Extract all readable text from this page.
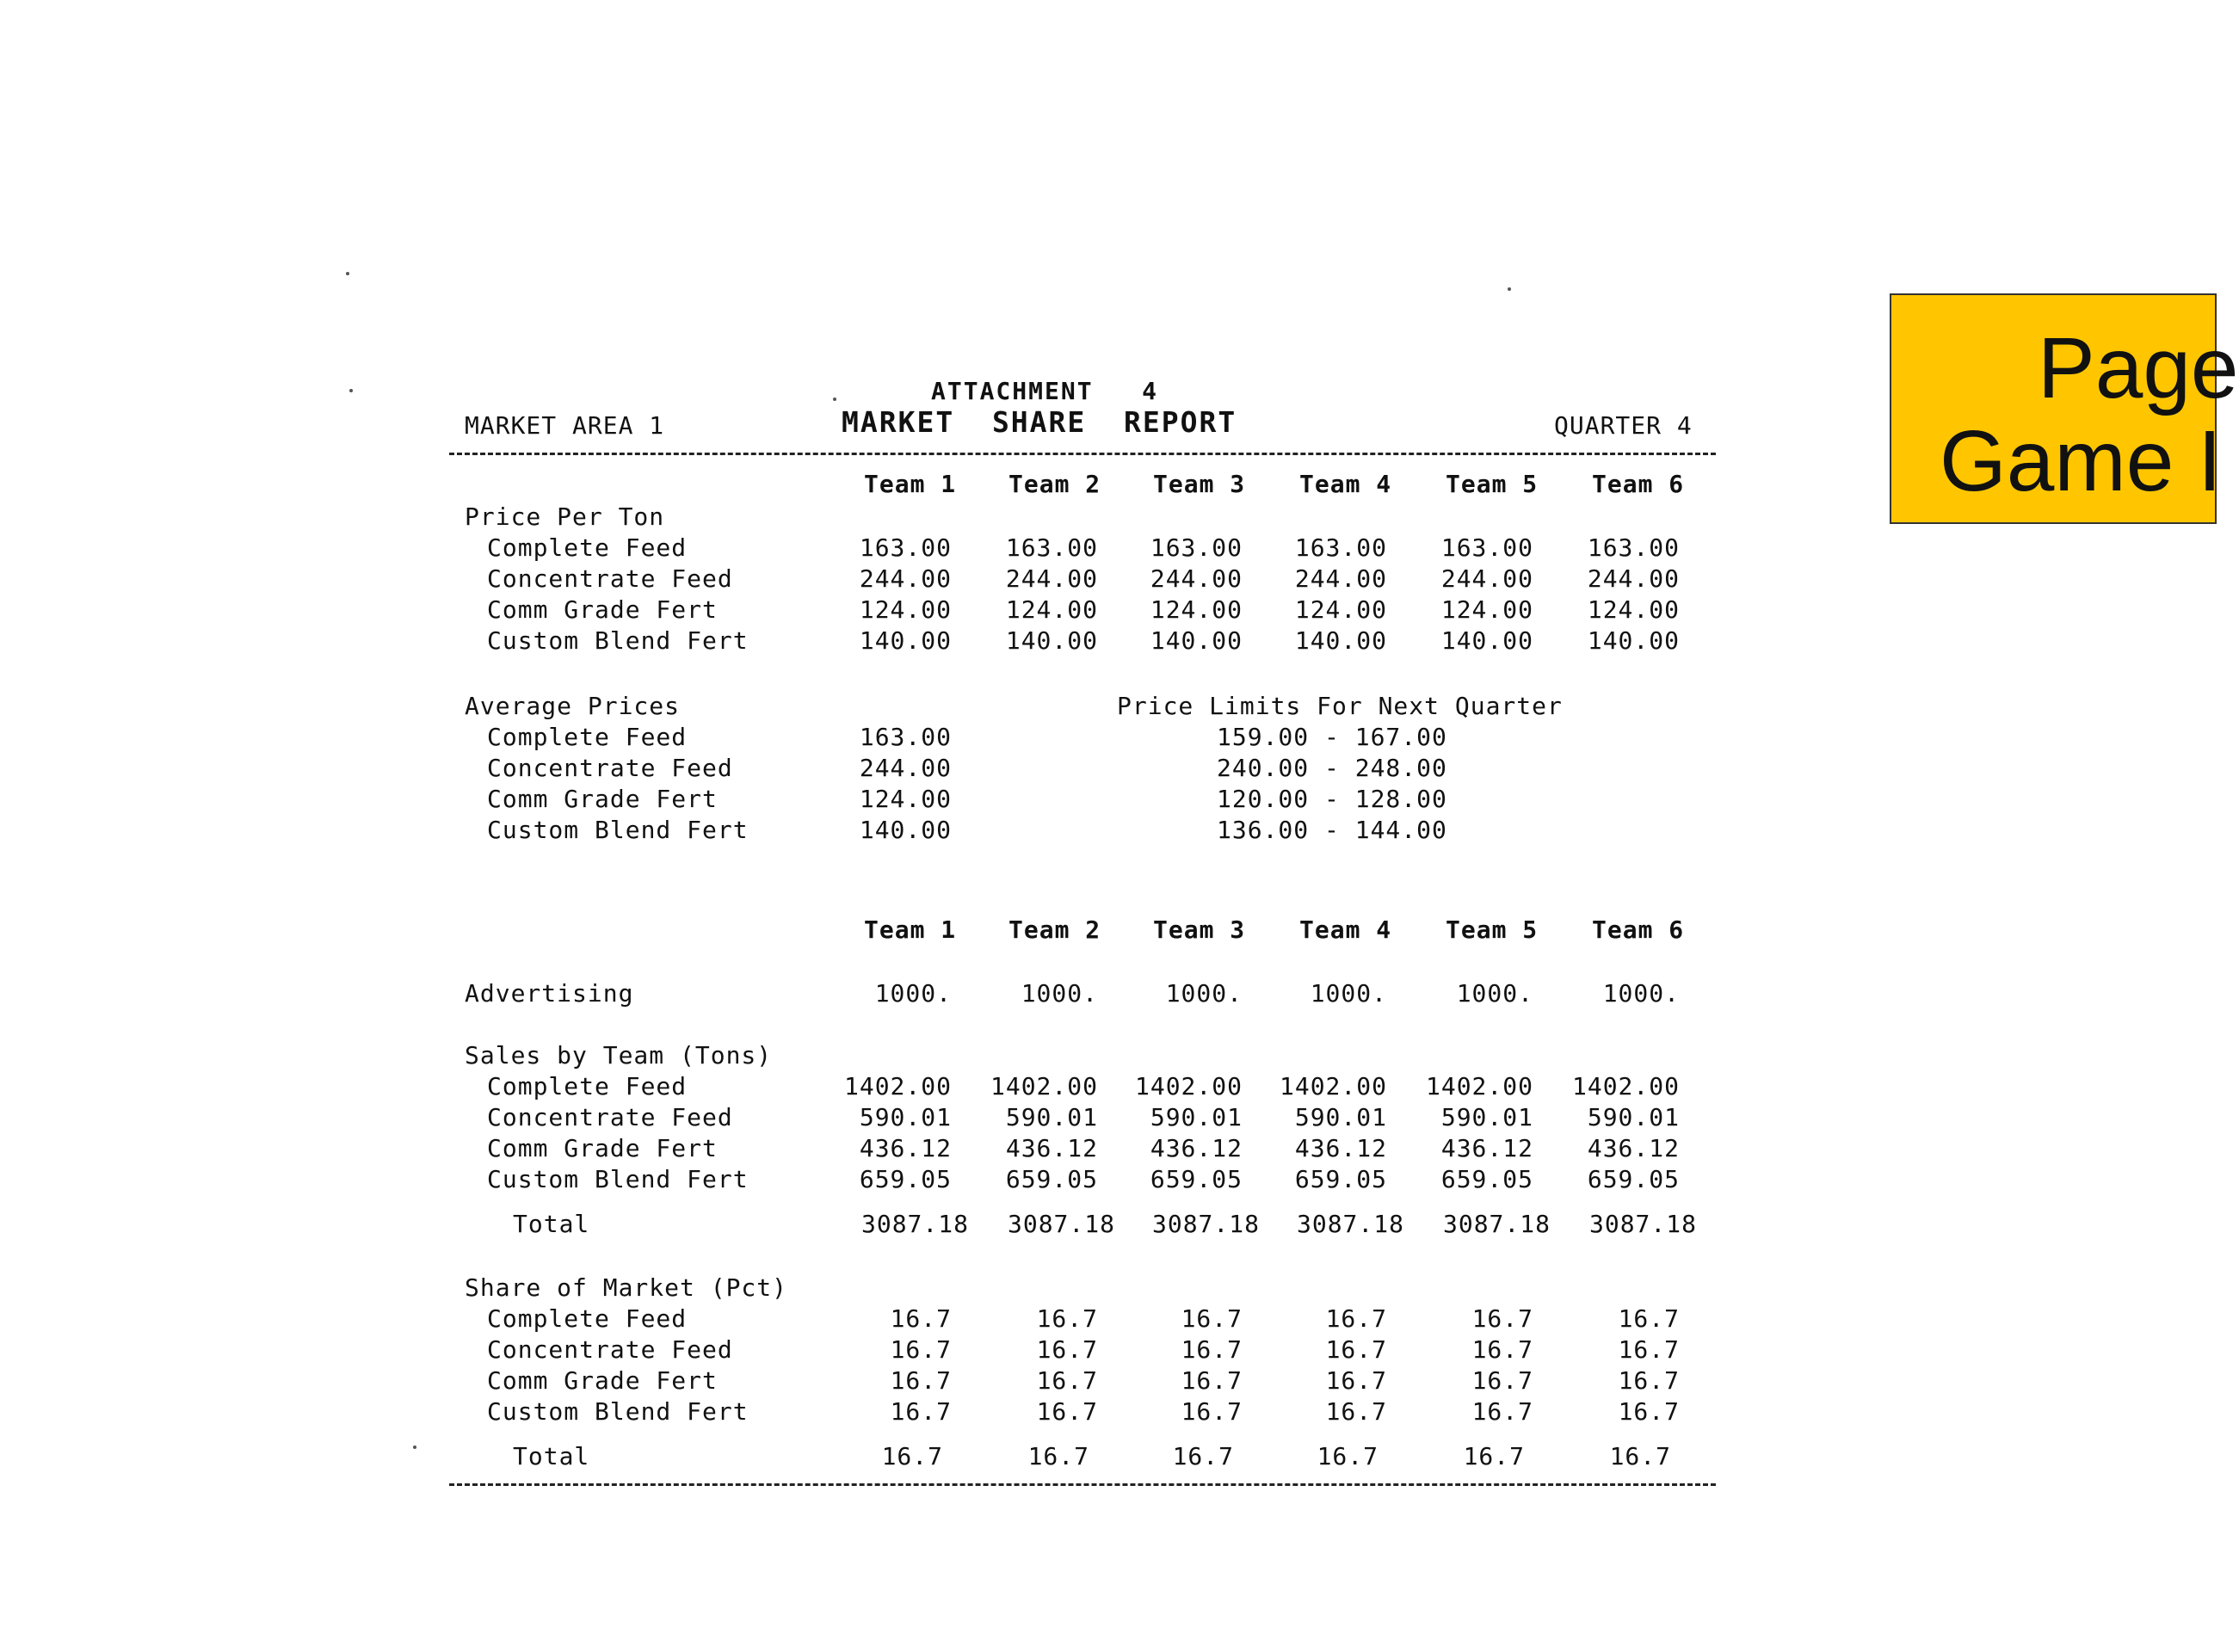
ATTACHMENT   4
MARKET AREA 1	MARKET  SHARE  REPORT	QUARTER 4
Team 1 Team 2 Team 3 Team 4 Team 5 Team 6
Price Per Ton
Complete Feed	163.00	163.00	163.00	163.00	163.00	163.00
Concentrate Feed	244.00	244.00	244.00	244.00	244.00	244.00
Comm Grade Fert	124.00	124.00	124.00	124.00	124.00	124.00
Custom Blend Fert	140.00	140.00	140.00	140.00	140.00	140.00
Average Prices	Price Limits For Next Quarter
Complete Feed	163.00	159.00 - 167.00
Concentrate Feed	244.00	240.00 - 248.00
Comm Grade Fert	124.00	120.00 - 128.00
Custom Blend Fert	140.00	136.00 - 144.00
Team 1 Team 2 Team 3 Team 4 Team 5 Team 6
Advertising	1000.	1000.	1000.	1000.	1000.	1000.
Sales by Team (Tons)
Complete Feed	1402.00	1402.00	1402.00	1402.00	1402.00	1402.00
Concentrate Feed	590.01	590.01	590.01	590.01	590.01	590.01
Comm Grade Fert	436.12	436.12	436.12	436.12	436.12	436.12
Custom Blend Fert	659.05	659.05	659.05	659.05	659.05	659.05
Total	3087.18	3087.18	3087.18	3087.18	3087.18	3087.18
Share of Market (Pct)
Complete Feed	16.7	16.7	16.7	16.7	16.7	16.7
Concentrate Feed	16.7	16.7	16.7	16.7	16.7	16.7
Comm Grade Fert	16.7	16.7	16.7	16.7	16.7	16.7
Custom Blend Fert	16.7	16.7	16.7	16.7	16.7	16.7
Total	16.7	16.7	16.7	16.7	16.7	16.7
Page
Game I
